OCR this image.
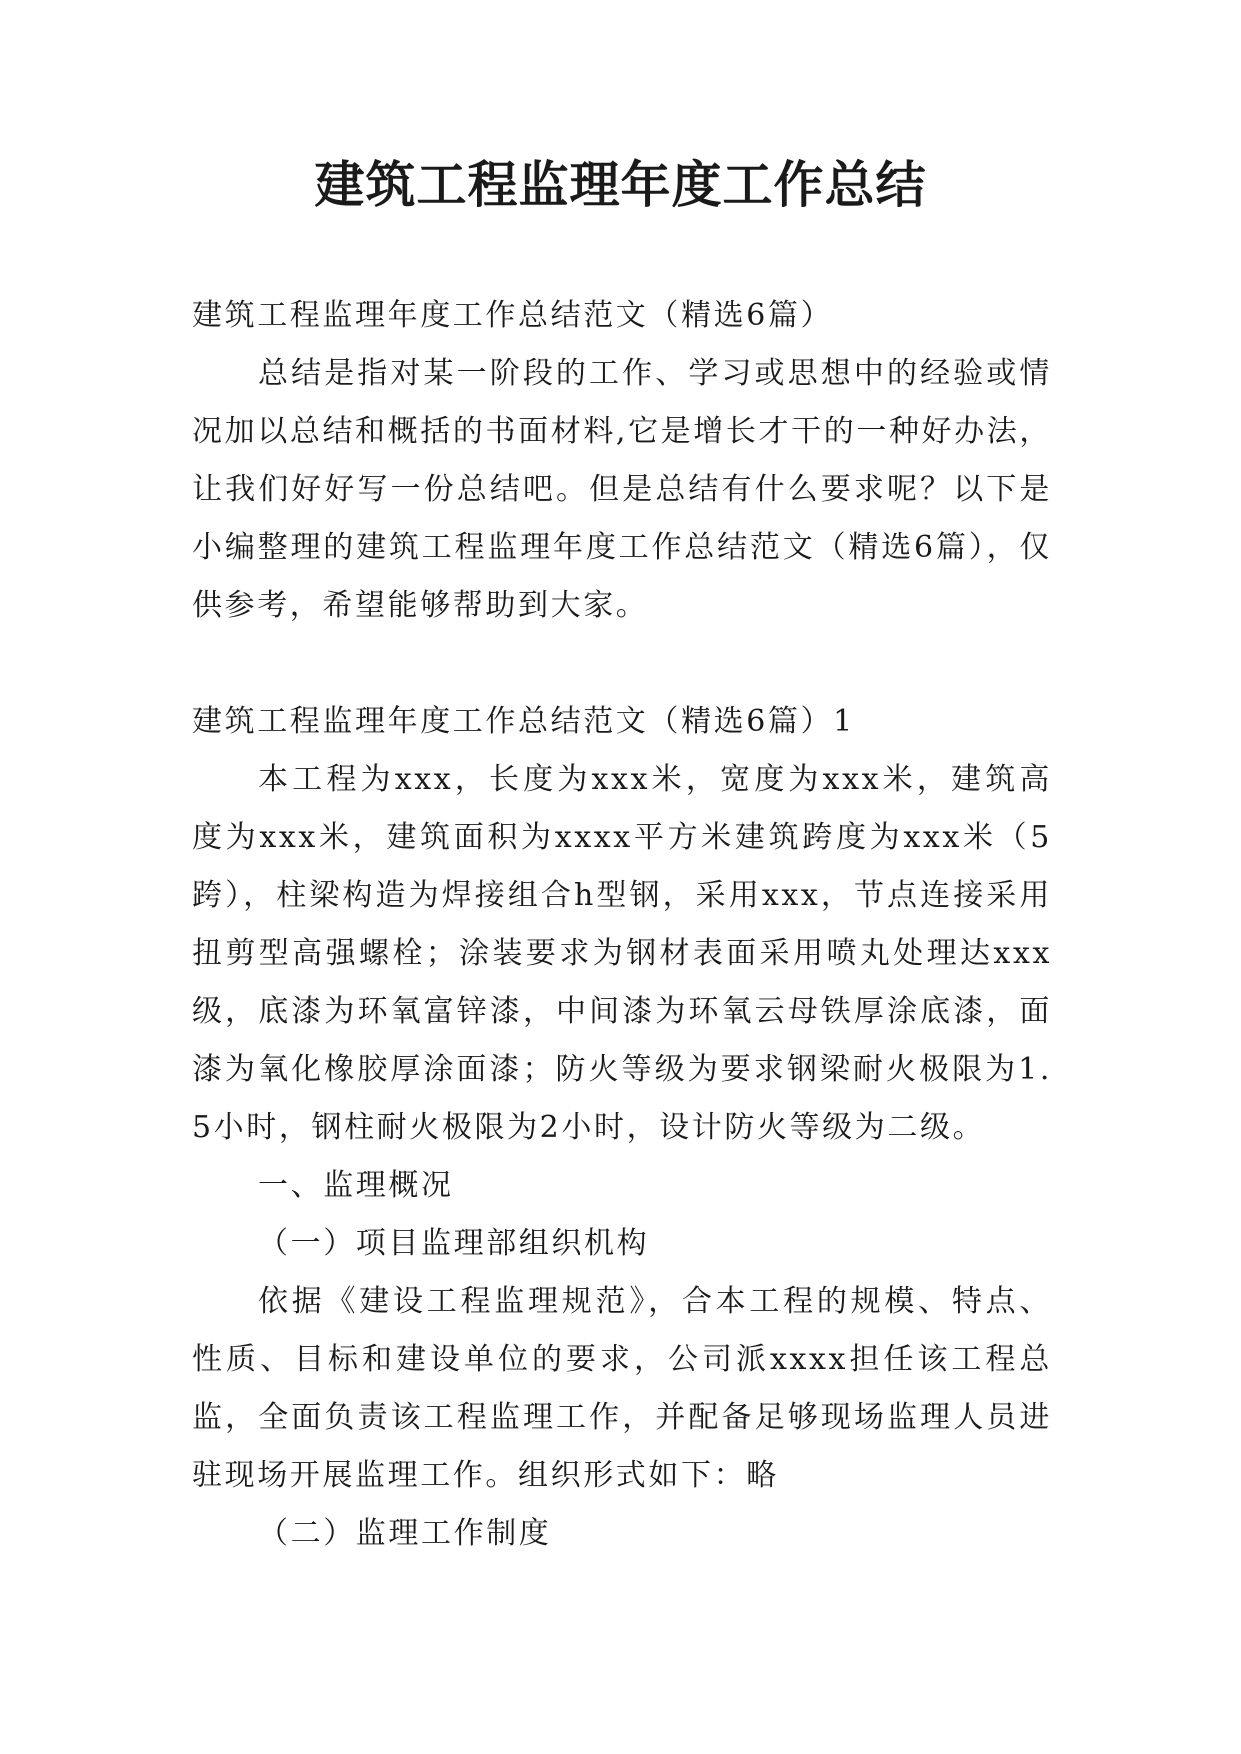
建筑工程监理年度工作总结

建筑工程监理年度工作总结范文（精选6篇）

总结是指对某一阶段的工作、学习或思想中的经验或情况加以总结和概括的书面材料,它是增长才干的一种好办法，让我们好好写一份总结吧。但是总结有什么要求呢？以下是小编整理的建筑工程监理年度工作总结范文（精选6篇），仅供参考，希望能够帮助到大家。

建筑工程监理年度工作总结范文（精选6篇）1

本工程为xxx，长度为xxx米，宽度为xxx米，建筑高度为xxx米，建筑面积为xxxx平方米建筑跨度为xxx米（5跨），柱梁构造为焊接组合h型钢，采用xxx，节点连接采用扭剪型高强螺栓；涂装要求为钢材表面采用喷丸处理达xxx级，底漆为环氧富锌漆，中间漆为环氧云母铁厚涂底漆，面漆为氧化橡胶厚涂面漆；防火等级为要求钢梁耐火极限为1.5小时，钢柱耐火极限为2小时，设计防火等级为二级。

一、监理概况

（一）项目监理部组织机构

依据《建设工程监理规范》，合本工程的规模、特点、性质、目标和建设单位的要求，公司派xxxx担任该工程总监，全面负责该工程监理工作，并配备足够现场监理人员进驻现场开展监理工作。组织形式如下：略

（二）监理工作制度
